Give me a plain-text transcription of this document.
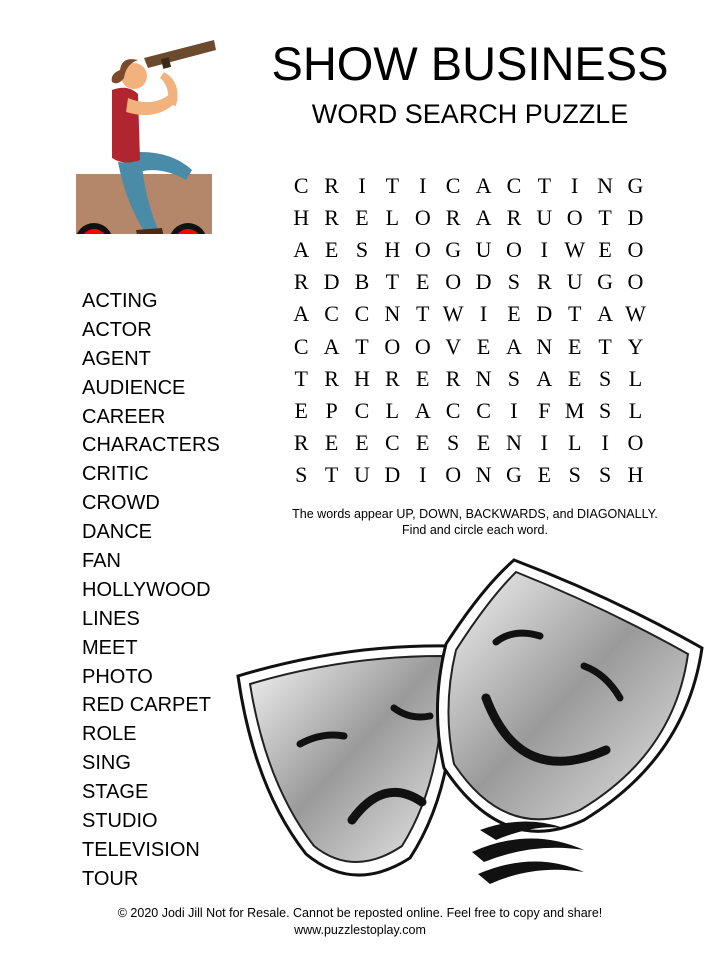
SHOW BUSINESS
WORD SEARCH PUZZLE
C R I T I C A C T I N G
H R E L O R A R U O T D
A E S H O G U O I W E O
R D B T E O D S R U G O
A C C N T W I E D T A W
C A T O O V E A N E T Y
T R H R E R N S A E S L
E P C L A C C I F M S L
R E E C E S E N I L I O
S T U D I O N G E S S H
The words appear UP, DOWN, BACKWARDS, and DIAGONALLY.
Find and circle each word.
ACTING
ACTOR
AGENT
AUDIENCE
CAREER
CHARACTERS
CRITIC
CROWD
DANCE
FAN
HOLLYWOOD
LINES
MEET
PHOTO
RED CARPET
ROLE
SING
STAGE
STUDIO
TELEVISION
TOUR
© 2020 Jodi Jill Not for Resale. Cannot be reposted online. Feel free to copy and share!
www.puzzlestoplay.com
